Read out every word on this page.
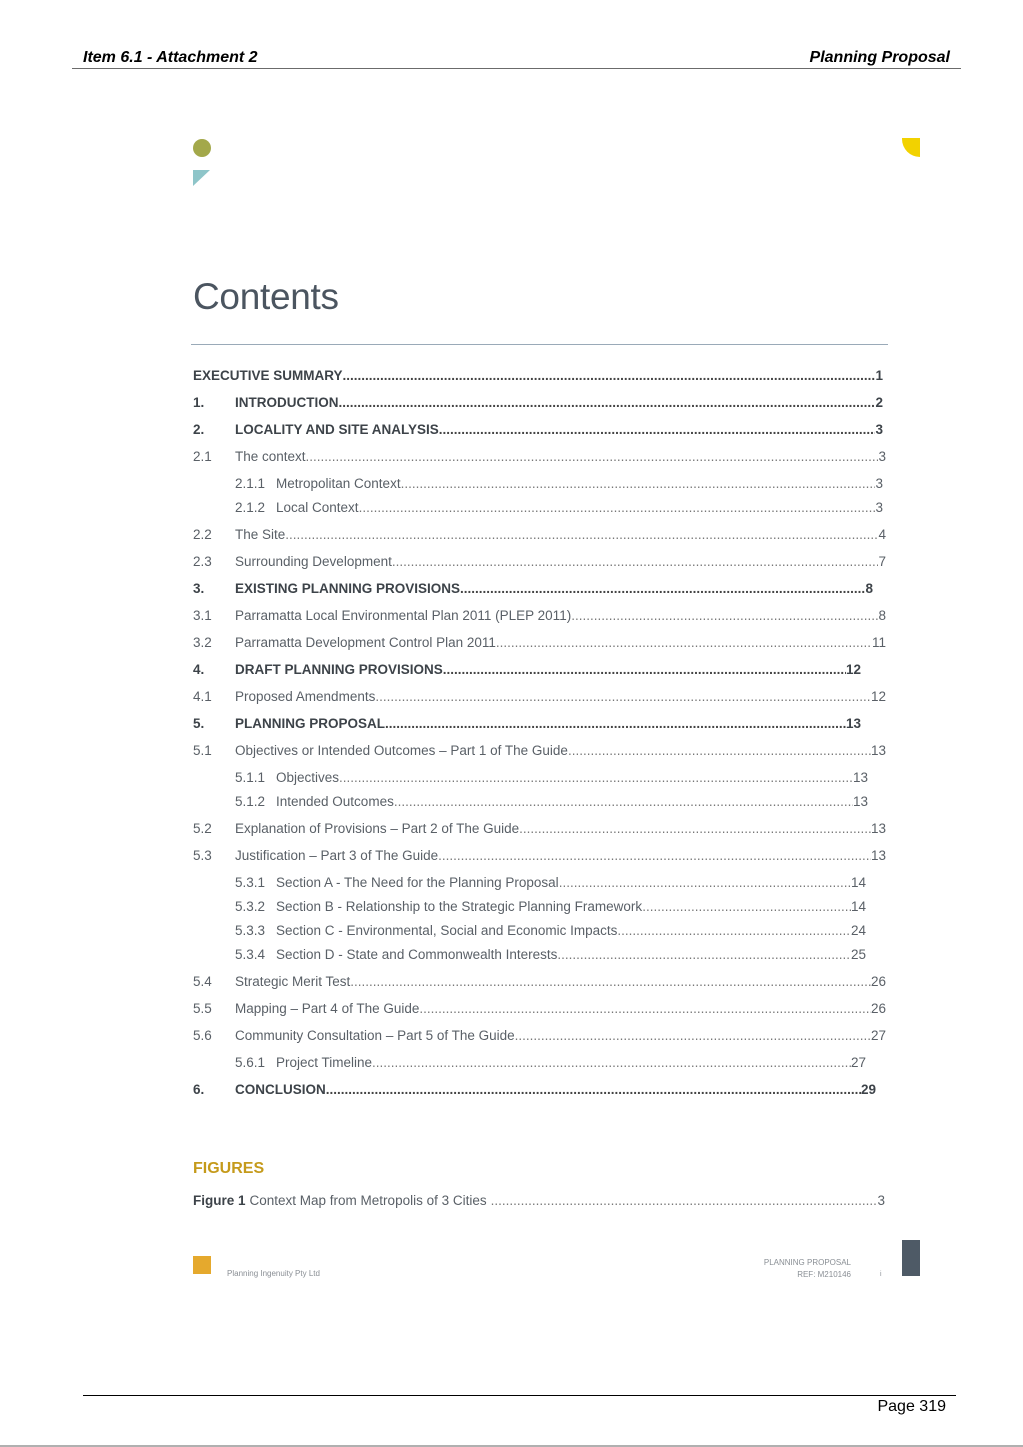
Item 6.1 - Attachment 2	Planning Proposal
Contents
EXECUTIVE SUMMARY .....	1
1.	INTRODUCTION .....	2
2.	LOCALITY AND SITE ANALYSIS .....	3
2.1	The context .....	3
2.1.1 Metropolitan Context .....	3
2.1.2 Local Context .....	3
2.2	The Site .....	4
2.3	Surrounding Development .....	7
3.	EXISTING PLANNING PROVISIONS .....	8
3.1	Parramatta Local Environmental Plan 2011 (PLEP 2011) .....	8
3.2	Parramatta Development Control Plan 2011 .....	11
4.	DRAFT PLANNING PROVISIONS .....	12
4.1	Proposed Amendments .....	12
5.	PLANNING PROPOSAL .....	13
5.1	Objectives or Intended Outcomes – Part 1 of The Guide .....	13
5.1.1 Objectives .....	13
5.1.2 Intended Outcomes .....	13
5.2	Explanation of Provisions – Part 2 of The Guide .....	13
5.3	Justification – Part 3 of The Guide .....	13
5.3.1 Section A - The Need for the Planning Proposal .....	14
5.3.2 Section B - Relationship to the Strategic Planning Framework .....	14
5.3.3 Section C - Environmental, Social and Economic Impacts .....	24
5.3.4 Section D - State and Commonwealth Interests .....	25
5.4	Strategic Merit Test .....	26
5.5	Mapping – Part 4 of The Guide .....	26
5.6	Community Consultation – Part 5 of The Guide .....	27
5.6.1 Project Timeline .....	27
6.	CONCLUSION .....	29
FIGURES
Figure 1 Context Map from Metropolis of 3 Cities .....	3
Planning Ingenuity Pty Ltd
PLANNING PROPOSAL
REF: M210146	i
Page 319
